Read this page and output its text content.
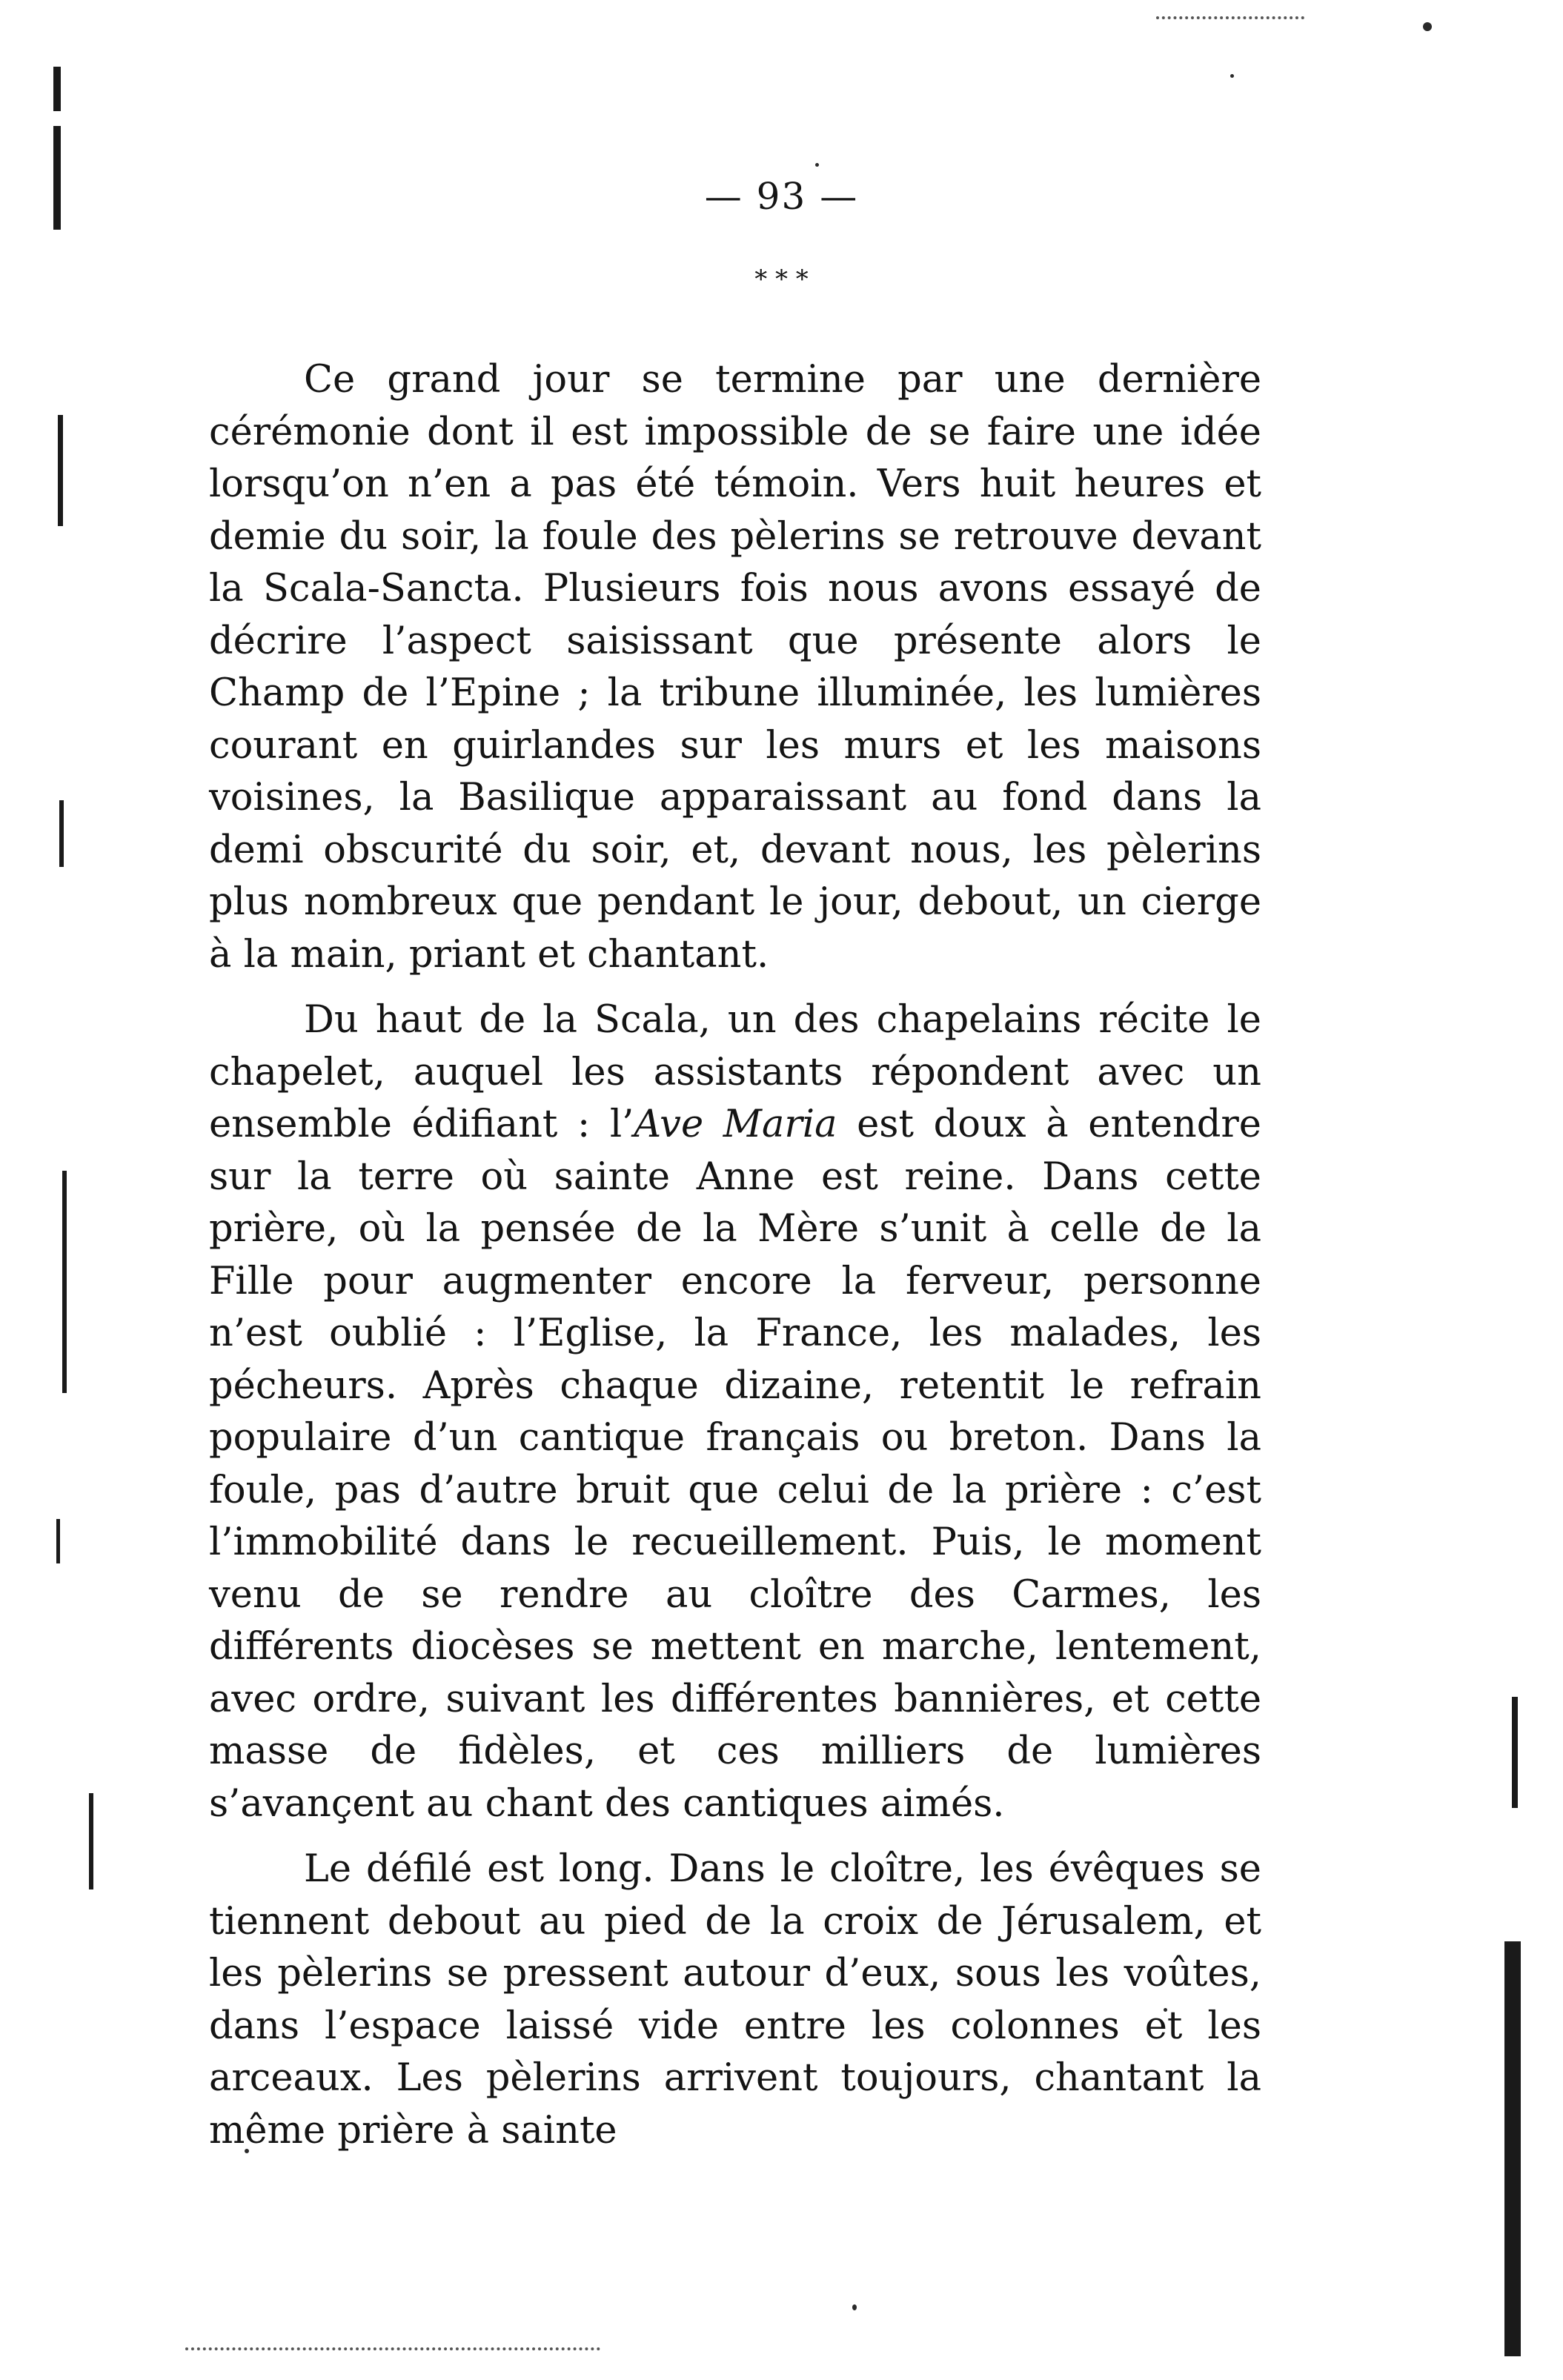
— 93 —
* * *

Ce grand jour se termine par une dernière cérémonie dont il est impossible de se faire une idée lorsqu’on n’en a pas été témoin. Vers huit heures et demie du soir, la foule des pèlerins se retrouve devant la Scala-Sancta. Plusieurs fois nous avons essayé de décrire l’aspect saisissant que présente alors le Champ de l’Epine ; la tribune illuminée, les lumières courant en guirlandes sur les murs et les maisons voisines, la Basilique apparaissant au fond dans la demi obscurité du soir, et, devant nous, les pèlerins plus nombreux que pendant le jour, debout, un cierge à la main, priant et chantant.

Du haut de la Scala, un des chapelains récite le chapelet, auquel les assistants répondent avec un ensemble édifiant : l’Ave Maria est doux à entendre sur la terre où sainte Anne est reine. Dans cette prière, où la pensée de la Mère s’unit à celle de la Fille pour augmenter encore la ferveur, personne n’est oublié : l’Eglise, la France, les malades, les pécheurs. Après chaque dizaine, retentit le refrain populaire d’un cantique français ou breton. Dans la foule, pas d’autre bruit que celui de la prière : c’est l’immobilité dans le recueillement. Puis, le moment venu de se rendre au cloître des Carmes, les différents diocèses se mettent en marche, lentement, avec ordre, suivant les différentes bannières, et cette masse de fidèles, et ces milliers de lumières s’avançent au chant des cantiques aimés.

Le défilé est long. Dans le cloître, les évêques se tiennent debout au pied de la croix de Jérusalem, et les pèlerins se pressent autour d’eux, sous les voûtes, dans l’espace laissé vide entre les colonnes et les arceaux. Les pèlerins arrivent toujours, chantant la même prière à sainte
